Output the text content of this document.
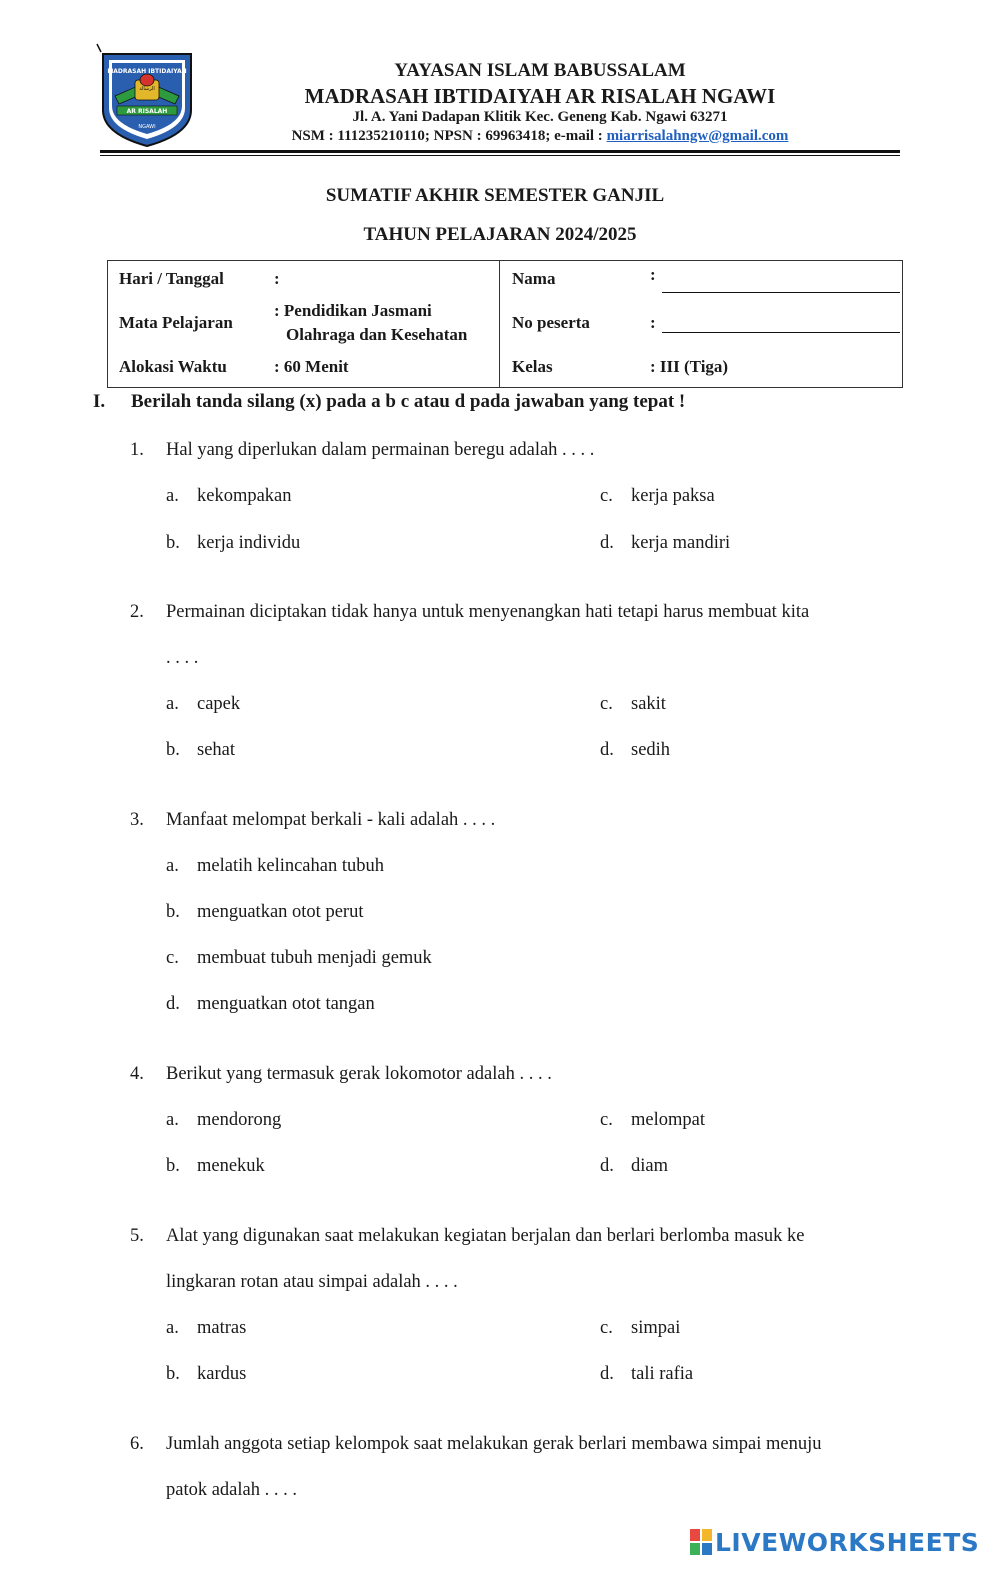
AR RISALAH
MADRASAH IBTIDAIYAH
NGAWI
الرسالة
YAYASAN ISLAM BABUSSALAM
MADRASAH IBTIDAIYAH AR RISALAH NGAWI
Jl. A. Yani Dadapan Klitik Kec. Geneng Kab. Ngawi 63271
NSM : 111235210110; NPSN : 69963418; e-mail : miarrisalahngw@gmail.com
SUMATIF AKHIR SEMESTER GANJIL
TAHUN PELAJARAN 2024/2025
Hari / Tanggal	:
Mata Pelajaran
: Pendidikan Jasmani
Olahraga dan Kesehatan
Alokasi Waktu	: 60 Menit
Nama	:
No peserta	:
Kelas	: III (Tiga)
I. Berilah tanda silang (x) pada a b c atau d pada jawaban yang tepat !
1. Hal yang diperlukan dalam permainan beregu adalah . . . .
a. kekompakan
b. kerja individu
c. kerja paksa
d. kerja mandiri
2. Permainan diciptakan tidak hanya untuk menyenangkan hati tetapi harus membuat kita
. . . .
a. capek
b. sehat
c. sakit
d. sedih
3. Manfaat melompat berkali - kali adalah . . . .
a. melatih kelincahan tubuh
b. menguatkan otot perut
c. membuat tubuh menjadi gemuk
d. menguatkan otot tangan
4. Berikut yang termasuk gerak lokomotor adalah . . . .
a. mendorong
b. menekuk
c. melompat
d. diam
5. Alat yang digunakan saat melakukan kegiatan berjalan dan berlari berlomba masuk ke
lingkaran rotan atau simpai adalah . . . .
a. matras
b. kardus
c. simpai
d. tali rafia
6. Jumlah anggota setiap kelompok saat melakukan gerak berlari membawa simpai menuju
patok adalah . . . .
LIVEWORKSHEETS
